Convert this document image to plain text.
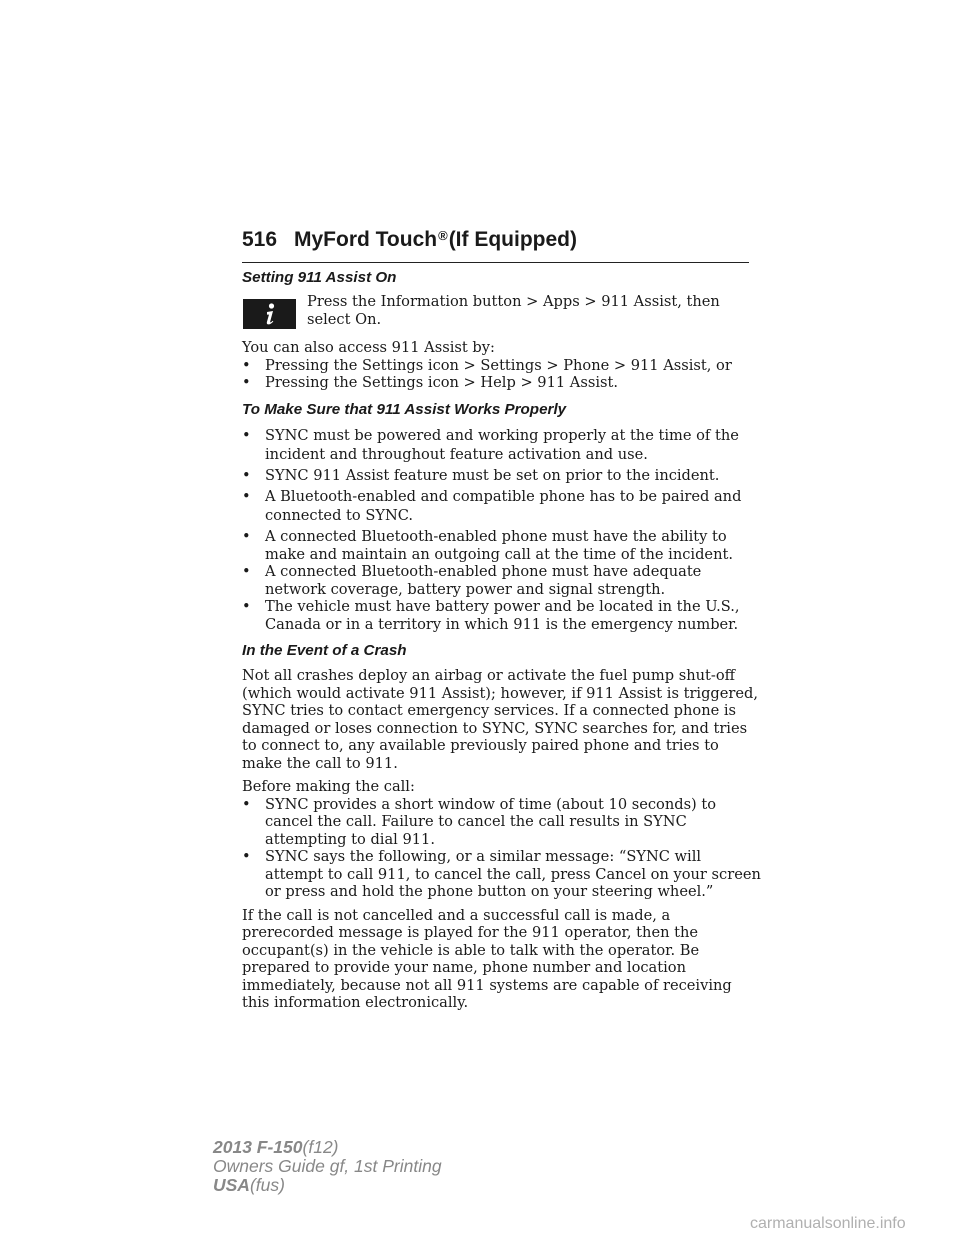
516 MyFord Touch®(If Equipped)
Setting 911 Assist On

Press the Information button > Apps > 911 Assist, then select On.

You can also access 911 Assist by:

• Pressing the Settings icon > Settings > Phone > 911 Assist, or
• Pressing the Settings icon > Help > 911 Assist.
To Make Sure that 911 Assist Works Properly
• SYNC must be powered and working properly at the time of the incident and throughout feature activation and use.
• SYNC 911 Assist feature must be set on prior to the incident.
• A Bluetooth-enabled and compatible phone has to be paired and connected to SYNC.
• A connected Bluetooth-enabled phone must have the ability to make and maintain an outgoing call at the time of the incident.
• A connected Bluetooth-enabled phone must have adequate network coverage, battery power and signal strength.
• The vehicle must have battery power and be located in the U.S., Canada or in a territory in which 911 is the emergency number.
In the Event of a Crash

Not all crashes deploy an airbag or activate the fuel pump shut-off (which would activate 911 Assist); however, if 911 Assist is triggered, SYNC tries to contact emergency services. If a connected phone is damaged or loses connection to SYNC, SYNC searches for, and tries to connect to, any available previously paired phone and tries to make the call to 911.

Before making the call:

• SYNC provides a short window of time (about 10 seconds) to cancel the call. Failure to cancel the call results in SYNC attempting to dial 911.
• SYNC says the following, or a similar message: “SYNC will attempt to call 911, to cancel the call, press Cancel on your screen or press and hold the phone button on your steering wheel.”

If the call is not cancelled and a successful call is made, a prerecorded message is played for the 911 operator, then the occupant(s) in the vehicle is able to talk with the operator. Be prepared to provide your name, phone number and location immediately, because not all 911 systems are capable of receiving this information electronically.

2013 F-150(f12)
Owners Guide gf, 1st Printing
USA(fus)
carmanualsonline.info
